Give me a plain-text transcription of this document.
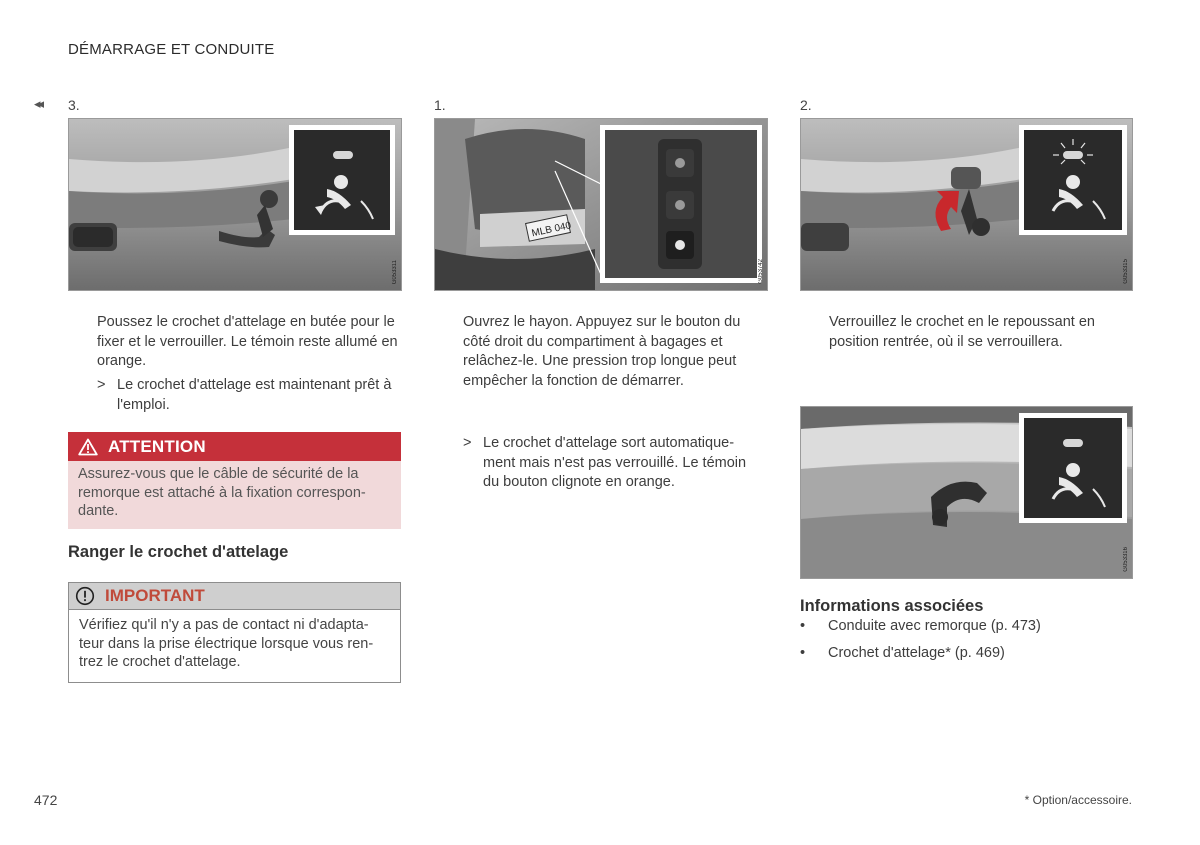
DÉMARRAGE ET CONDUITE
◂◂ 3.
G053311
Poussez le crochet d'attelage en butée pour le fixer et le verrouiller. Le témoin reste allumé en orange.
> Le crochet d'attelage est maintenant prêt à l'emploi.
ATTENTION
Assurez-vous que le câble de sécurité de la remorque est attaché à la fixation correspon-dante.
Ranger le crochet d'attelage
IMPORTANT
Vérifiez qu'il n'y a pas de contact ni d'adapta-teur dans la prise électrique lorsque vous ren-trez le crochet d'attelage.
1.
MLB 040
G053742
Ouvrez le hayon. Appuyez sur le bouton du côté droit du compartiment à bagages et relâchez-le. Une pression trop longue peut empêcher la fonction de démarrer.
> Le crochet d'attelage sort automatique-ment mais n'est pas verrouillé. Le témoin du bouton clignote en orange.
2.
G053315
Verrouillez le crochet en le repoussant en position rentrée, où il se verrouillera.
G053316
Informations associées
•	Conduite avec remorque (p. 473)
•	Crochet d'attelage* (p. 469)
472	* Option/accessoire.
